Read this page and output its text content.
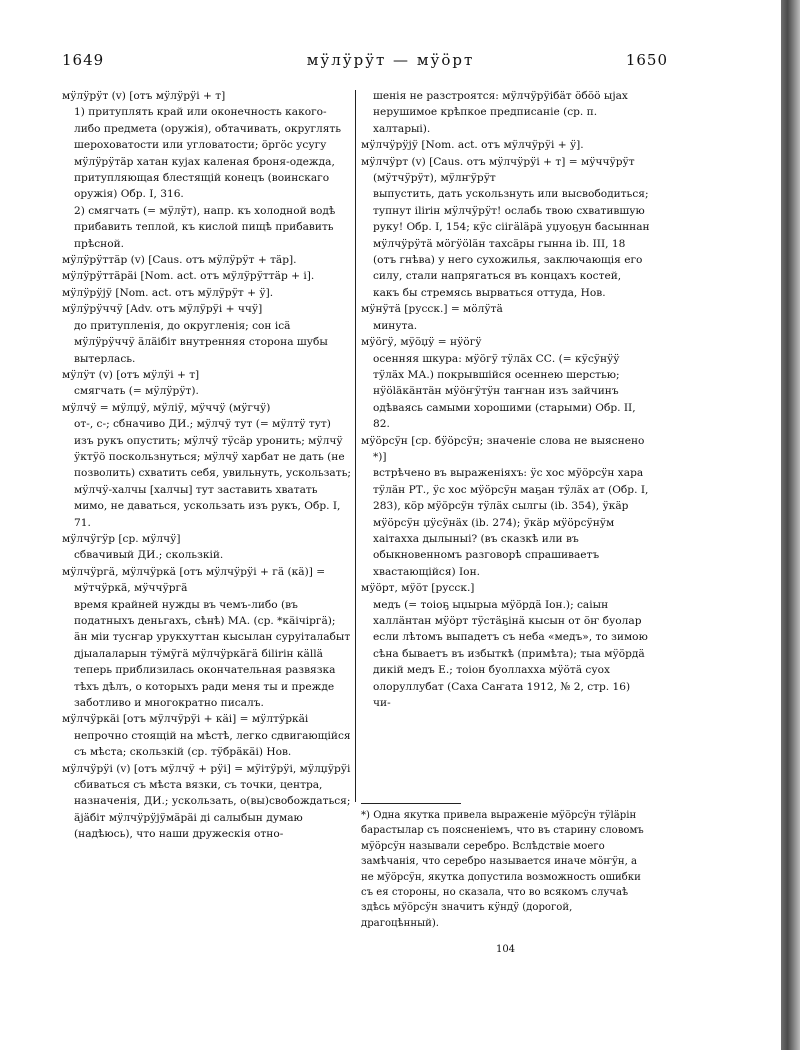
1649	мӱлӱрӱт — мӱӧрт	1650

мӱлӱрӱт (v) [отъ мӱлӱрӱі + т]

1) притуплять край или оконечность какого-либо предмета (оружія), обтачивать, округлять шероховатости или угловатости; ӧргӧс усугу мӱлӱрӱтӓр хатан кујах каленая броня-одежда, притупляющая блестящій конецъ (воинскаго оружія) Обр. I, 316.

2) смягчать (= мӱлӱт), напр. къ холодной водѣ прибавить теплой, къ кислой пищѣ прибавить прѣсной.

мӱлӱрӱттӓр (v) [Caus. отъ мӱлӱрӱт + тӓр].

мӱлӱрӱттӓрӓі [Nom. act. отъ мӱлӱрӱттӓр + і].

мӱлӱрӱјӱ [Nom. act. отъ мӱлӱрӱт + ӱ].

мӱлӱрӱччӱ [Adv. отъ мӱлӱрӱі + ччӱ]

до притупленія, до округленія; сон ісӓ мӱлӱрӱччӱ ӓлӓібіт внутренняя сторона шубы вытерлась.

мӱлӱт (v) [отъ мӱлӱі + т]

смягчать (= мӱлӱрӱт).

мӱлчӱ = мӱлџӱ, мӱліӱ, мӱччӱ (мӱгчӱ)

от-, с-; сбначиво ДИ.; мӱлчӱ тут (= мӱлтӱ тут) изъ рукъ опустить; мӱлчӱ тӱсӓр уронить; мӱлчӱ ӱктӱӧ поскользнуться; мӱлчӱ харбат не дать (не позволить) схватить себя, увильнуть, ускользать; мӱлчӱ-халчы [халчы] тут заставить хватать мимо, не даваться, ускользать изъ рукъ, Обр. I, 71.

мӱлчӱгӱр [ср. мӱлчӱ]

сбвачивый ДИ.; скользкій.

мӱлчӱргӓ, мӱлчӱркӓ [отъ мӱлчӱрӱі + гӓ (кӓ)] = мӱтчӱркӓ, мӱччӱргӓ

время крайней нужды въ чемъ-либо (въ податныхъ деньгахъ, сѣнѣ) МА. (ср. *кӓічіргӓ); ӓн міи тусҥар урукхуттан кысылан суруіталабыт дјыалаларын тӱмӱгӓ мӱлчӱркӓгӓ біlіrін кӓllӓ теперь приблизилась окончательная развязка тѣхъ дѣлъ, о которыхъ ради меня ты и прежде заботливо и многократно писалъ.

мӱлчӱркӓі [отъ мӱлчӱрӱі + кӓі] = мӱлтӱркӓі

непрочно стоящій на мѣстѣ, легко сдвигающійся съ мѣста; скользкій (ср. тӱбрӓкӓі) Нов.

мӱлчӱрӱі (v) [отъ мӱлчӱ + рӱі] = мӱітӱрӱі, мӱлџӱрӱі

сбиваться съ мѣста вязки, съ точки, центра, назначенія, ДИ.; ускользать, о(вы)свобождаться; ӓјӓбіт мӱлчӱрӱјӱмӓрӓі ді салыбын думаю (надѣюсь), что наши дружескія отно-

шенія не разстроятся: мӱлчӱрӱібӓт ӧбӧӧ ыјах нерушимое крѣпкое предписаніе (ср. п. халтарыі).

мӱлчӱрӱјӱ [Nom. act. отъ мӱлчӱрӱі + ӱ].

мӱлчӱрт (v) [Caus. отъ мӱлчӱрӱі + т] = мӱччӱрӱт (мӱтчӱрӱт), мӱлҥӱрӱт

выпустить, дать ускользнуть или высвободиться; тупнут іlіrін мӱлчӱрӱт! ослабь твою схватившую руку! Обр. I, 154; кӱс сіігӓlӓрӓ уџуоҕун басыннан мӱлчӱрӱтӓ мӧгӱӧlӓн тахсӓры гынна ib. III, 18 (отъ гнѣва) у него сухожилья, заключающія его силу, стали напрягаться въ концахъ костей, какъ бы стремясь вырваться оттуда, Нов.

мӱнӱтӓ [русск.] = мӧлӱтӓ

минута.

мӱӧгӱ, мӱӧџӱ = нӱӧгӱ

осенняя шкура: мӱӧгӱ тӱлӓх СС. (= кӱсӱнӱӱ тӱлӓх МА.) покрывшійся осеннею шерстью; нӱӧlӓкӓнтӓн мӱӧҥӱтӱн таҥнан изъ зайчинъ одѣваясь самыми хорошими (старыми) Обр. II, 82.

мӱӧрсӱн [ср. бӱӧрсӱн; значеніе слова не выяснено *)]

встрѣчено въ выраженіяхъ: ӱс хос мӱӧрсӱн хара тӱлӓн РТ., ӱс хос мӱӧрсӱн маҕан тӱлӓх ат (Обр. I, 283), кӧр мӱӧрсӱн тӱлӓх сылгы (ib. 354), ӱкӓр мӱӧрсӱн џӱсӱнӓх (ib. 274); ӱкӓр мӱӧрсӱнӱм хаітахха дылыныі? (въ сказкѣ или въ обыкновенномъ разговорѣ спрашиваетъ хвастающійся) Іон.

мӱӧрт, мӱӧт [русск.]

медъ (= тоіоҕ ыџырыа мӱӧрдӓ Іон.); саіын халлӓнтан мӱӧрт тӱстӓҕінӓ кысын от ӧҥ буолар если лѣтомъ выпадетъ съ неба «медъ», то зимою сѣна бываетъ въ избыткѣ (примѣта); тыа мӱӧрдӓ дикій медъ Е.; тоіон буоллахха мӱӧтӓ суох олоруллубат (Саха Саҥата 1912, № 2, стр. 16) чи-

*) Одна якутка привела выраженіе мӱӧрсӱн тӱlӓрін барастылар съ поясненіемъ, что въ старину словомъ мӱӧрсӱн называли серебро. Вслѣдствіе моего замѣчанія, что серебро называется иначе мӧҥӱн, а не мӱӧрсӱн, якутка допустила возможность ошибки съ ея стороны, но сказала, что во всякомъ случаѣ здѣсь мӱӧрсӱн значитъ кӱндӱ (дорогой, драгоцѣнный).
104
